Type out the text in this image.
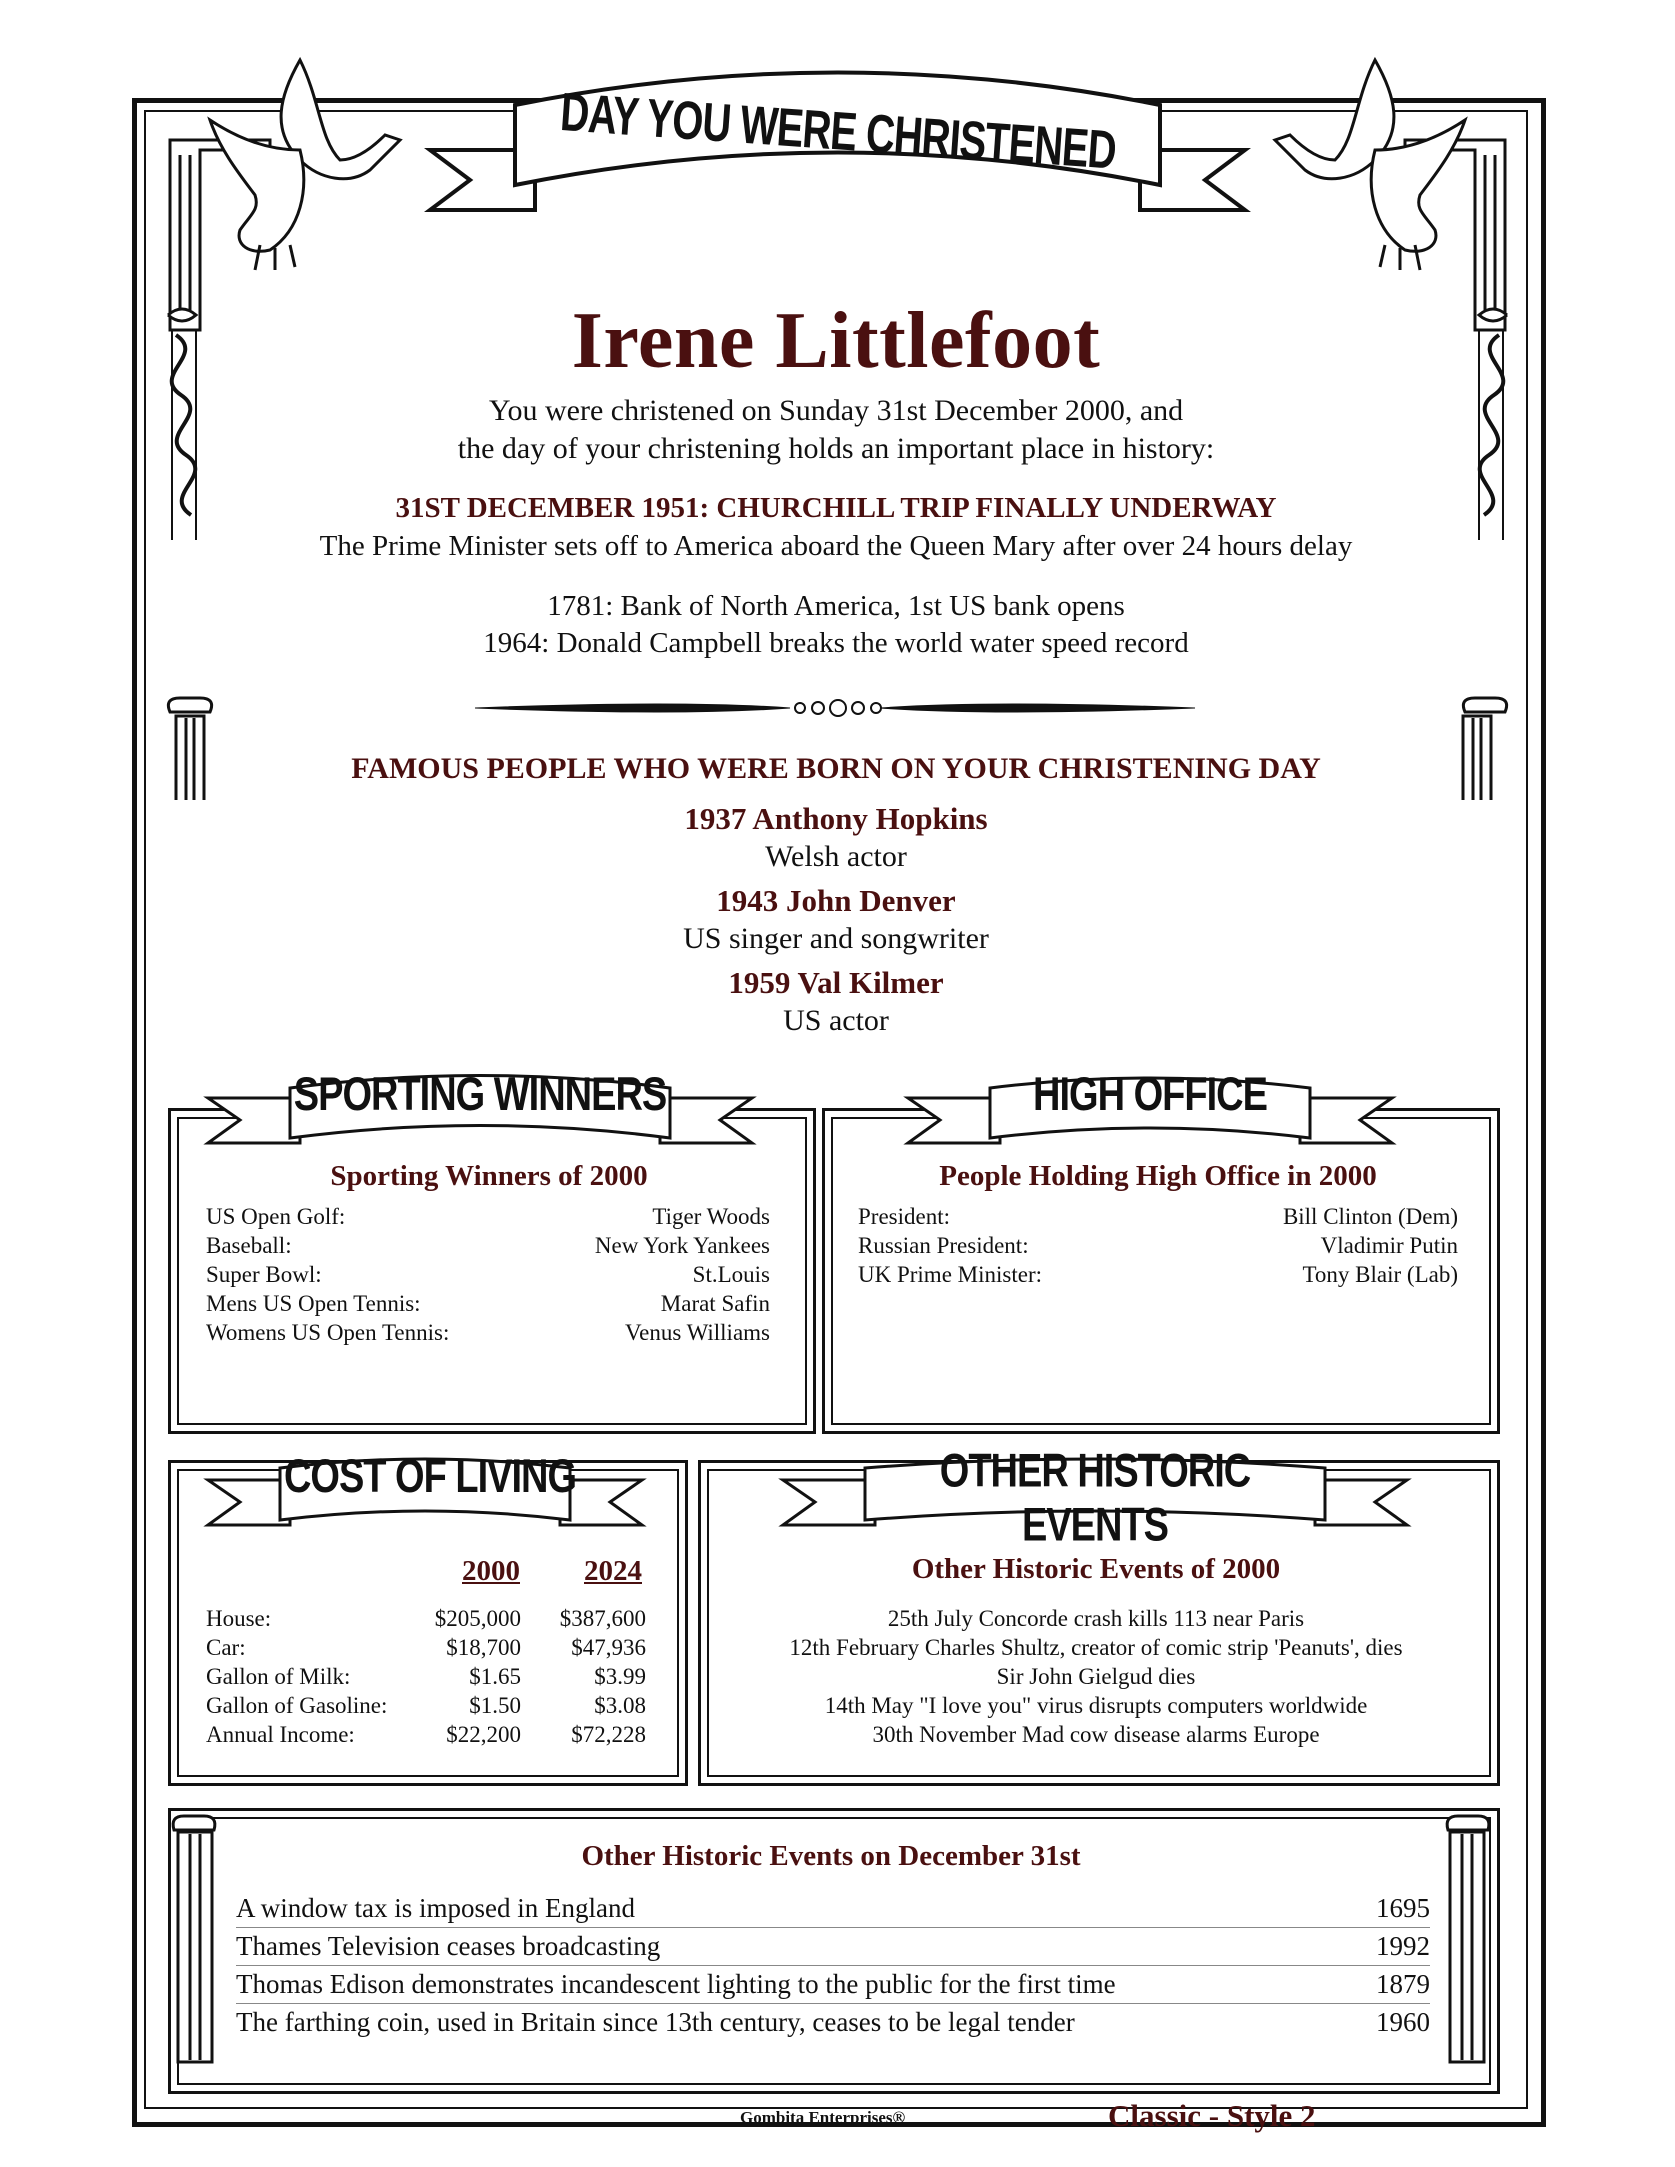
DAY YOU WERE CHRISTENED
Irene Littlefoot
You were christened on Sunday 31st December 2000, and
the day of your christening holds an important place in history:
31ST DECEMBER 1951: CHURCHILL TRIP FINALLY UNDERWAY
The Prime Minister sets off to America aboard the Queen Mary after over 24 hours delay
1781: Bank of North America, 1st US bank opens
1964: Donald Campbell breaks the world water speed record
FAMOUS PEOPLE WHO WERE BORN ON YOUR CHRISTENING DAY
1937 Anthony Hopkins
Welsh actor
1943 John Denver
US singer and songwriter
1959 Val Kilmer
US actor
SPORTING WINNERS
Sporting Winners of 2000
US Open Golf:	Tiger Woods
Baseball:	New York Yankees
Super Bowl:	St.Louis
Mens US Open Tennis:	Marat Safin
Womens US Open Tennis:	Venus Williams
HIGH OFFICE
People Holding High Office in 2000
President:	Bill Clinton (Dem)
Russian President:	Vladimir Putin
UK Prime Minister:	Tony Blair (Lab)
COST OF LIVING
2000	2024
House:	$205,000	$387,600
Car:	$18,700	$47,936
Gallon of Milk:	$1.65	$3.99
Gallon of Gasoline:	$1.50	$3.08
Annual Income:	$22,200	$72,228
OTHER HISTORIC EVENTS
Other Historic Events of 2000
25th July Concorde crash kills 113 near Paris
12th February Charles Shultz, creator of comic strip 'Peanuts', dies
Sir John Gielgud dies
14th May "I love you" virus disrupts computers worldwide
30th November Mad cow disease alarms Europe
Other Historic Events on December 31st
A window tax is imposed in England	1695
Thames Television ceases broadcasting	1992
Thomas Edison demonstrates incandescent lighting to the public for the first time	1879
The farthing coin, used in Britain since 13th century, ceases to be legal tender	1960
Gombita Enterprises®	Classic - Style 2
